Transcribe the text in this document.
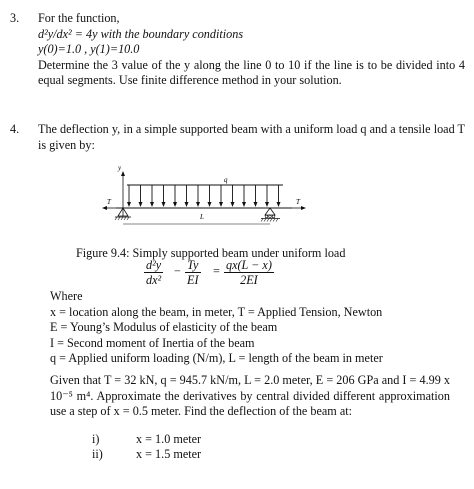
3. For the function,
d²y/dx² = 4y with the boundary conditions
y(0)=1.0 , y(1)=10.0
Determine the 3 value of the y along the line 0 to 10 if the line is to be divided into 4 equal segments. Use finite difference method in your solution.
4. The deflection y, in a simple supported beam with a uniform load q and a tensile load T is given by:
y
q
T	T
x
L
Figure 9.4: Simply supported beam under uniform load
$\frac{\text{d²y}}{\text{dx²}} - \frac{Ty}{EI} = \frac{qx(L - x)}{2EI}$
Where
x = location along the beam, in meter, T = Applied Tension, Newton
E = Young’s Modulus of elasticity of the beam
I = Second moment of Inertia of the beam
q = Applied uniform loading (N/m), L = length of the beam in meter
Given that T = 32 kN, q = 945.7 kN/m, L = 2.0 meter, E = 206 GPa and I = 4.99 x 10⁻⁵ m⁴. Approximate the derivatives by central divided different approximation use a step of x = 0.5 meter. Find the deflection of the beam at:
i)	x = 1.0 meter
ii)	x = 1.5 meter
